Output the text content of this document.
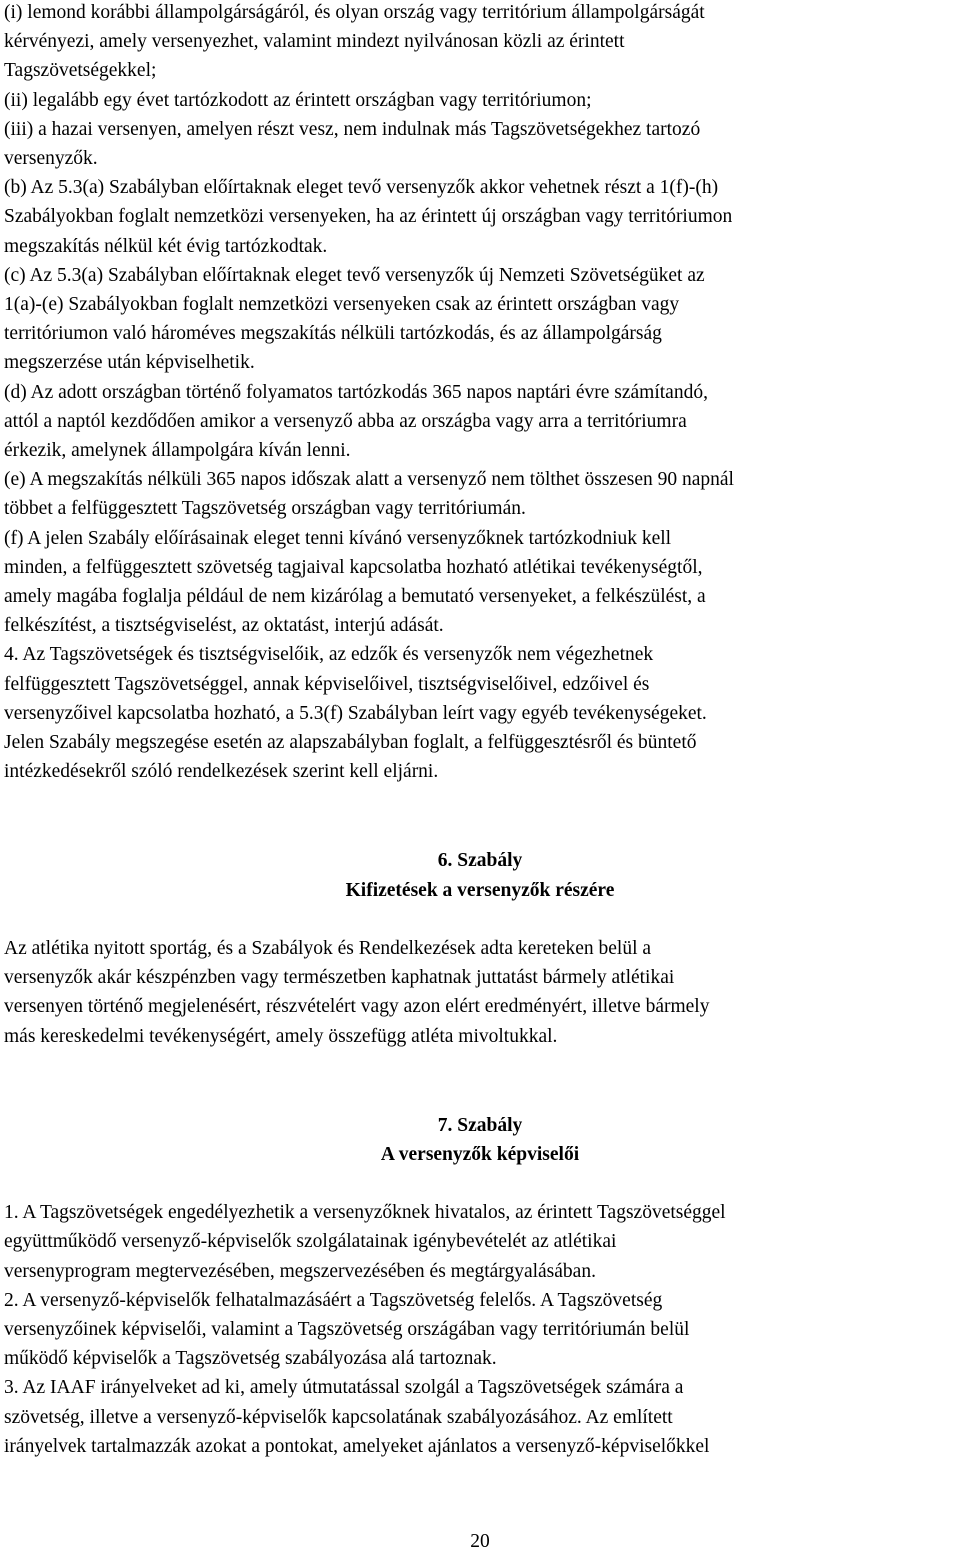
(i) lemond korábbi állampolgárságáról, és olyan ország vagy territórium állampolgárságát

kérvényezi, amely versenyezhet, valamint mindezt nyilvánosan közli az érintett

Tagszövetségekkel;

(ii) legalább egy évet tartózkodott az érintett országban vagy territóriumon;

(iii) a hazai versenyen, amelyen részt vesz, nem indulnak más Tagszövetségekhez tartozó

versenyzők.

(b) Az 5.3(a) Szabályban előírtaknak eleget tevő versenyzők akkor vehetnek részt a 1(f)-(h)

Szabályokban foglalt nemzetközi versenyeken, ha az érintett új országban vagy territóriumon

megszakítás nélkül két évig tartózkodtak.

(c) Az 5.3(a) Szabályban előírtaknak eleget tevő versenyzők új Nemzeti Szövetségüket az

1(a)-(e) Szabályokban foglalt nemzetközi versenyeken csak az érintett országban vagy

territóriumon való hároméves megszakítás nélküli tartózkodás, és az állampolgárság

megszerzése után képviselhetik.

(d) Az adott országban történő folyamatos tartózkodás 365 napos naptári évre számítandó,

attól a naptól kezdődően amikor a versenyző abba az országba vagy arra a territóriumra

érkezik, amelynek állampolgára kíván lenni.

(e) A megszakítás nélküli 365 napos időszak alatt a versenyző nem tölthet összesen 90 napnál

többet a felfüggesztett Tagszövetség országban vagy territóriumán.

(f) A jelen Szabály előírásainak eleget tenni kívánó versenyzőknek tartózkodniuk kell

minden, a felfüggesztett szövetség tagjaival kapcsolatba hozható atlétikai tevékenységtől,

amely magába foglalja például de nem kizárólag a bemutató versenyeket, a felkészülést, a

felkészítést, a tisztségviselést, az oktatást, interjú adását.

4. Az Tagszövetségek és tisztségviselőik, az edzők és versenyzők nem végezhetnek

felfüggesztett Tagszövetséggel, annak képviselőivel, tisztségviselőivel, edzőivel és

versenyzőivel kapcsolatba hozható, a 5.3(f) Szabályban leírt vagy egyéb tevékenységeket.

Jelen Szabály megszegése esetén az alapszabályban foglalt, a felfüggesztésről és büntető

intézkedésekről szóló rendelkezések szerint kell eljárni.

6. Szabály

Kifizetések a versenyzők részére

Az atlétika nyitott sportág, és a Szabályok és Rendelkezések adta kereteken belül a

versenyzők akár készpénzben vagy természetben kaphatnak juttatást bármely atlétikai

versenyen történő megjelenésért, részvételért vagy azon elért eredményért, illetve bármely

más kereskedelmi tevékenységért, amely összefügg atléta mivoltukkal.

7. Szabály

A versenyzők képviselői

1. A Tagszövetségek engedélyezhetik a versenyzőknek hivatalos, az érintett Tagszövetséggel

együttműködő versenyző-képviselők szolgálatainak igénybevételét az atlétikai

versenyprogram megtervezésében, megszervezésében és megtárgyalásában.

2. A versenyző-képviselők felhatalmazásáért a Tagszövetség felelős. A Tagszövetség

versenyzőinek képviselői, valamint a Tagszövetség országában vagy territóriumán belül

működő képviselők a Tagszövetség szabályozása alá tartoznak.

3. Az IAAF irányelveket ad ki, amely útmutatással szolgál a Tagszövetségek számára a

szövetség, illetve a versenyző-képviselők kapcsolatának szabályozásához. Az említett

irányelvek tartalmazzák azokat a pontokat, amelyeket ajánlatos a versenyző-képviselőkkel

20
